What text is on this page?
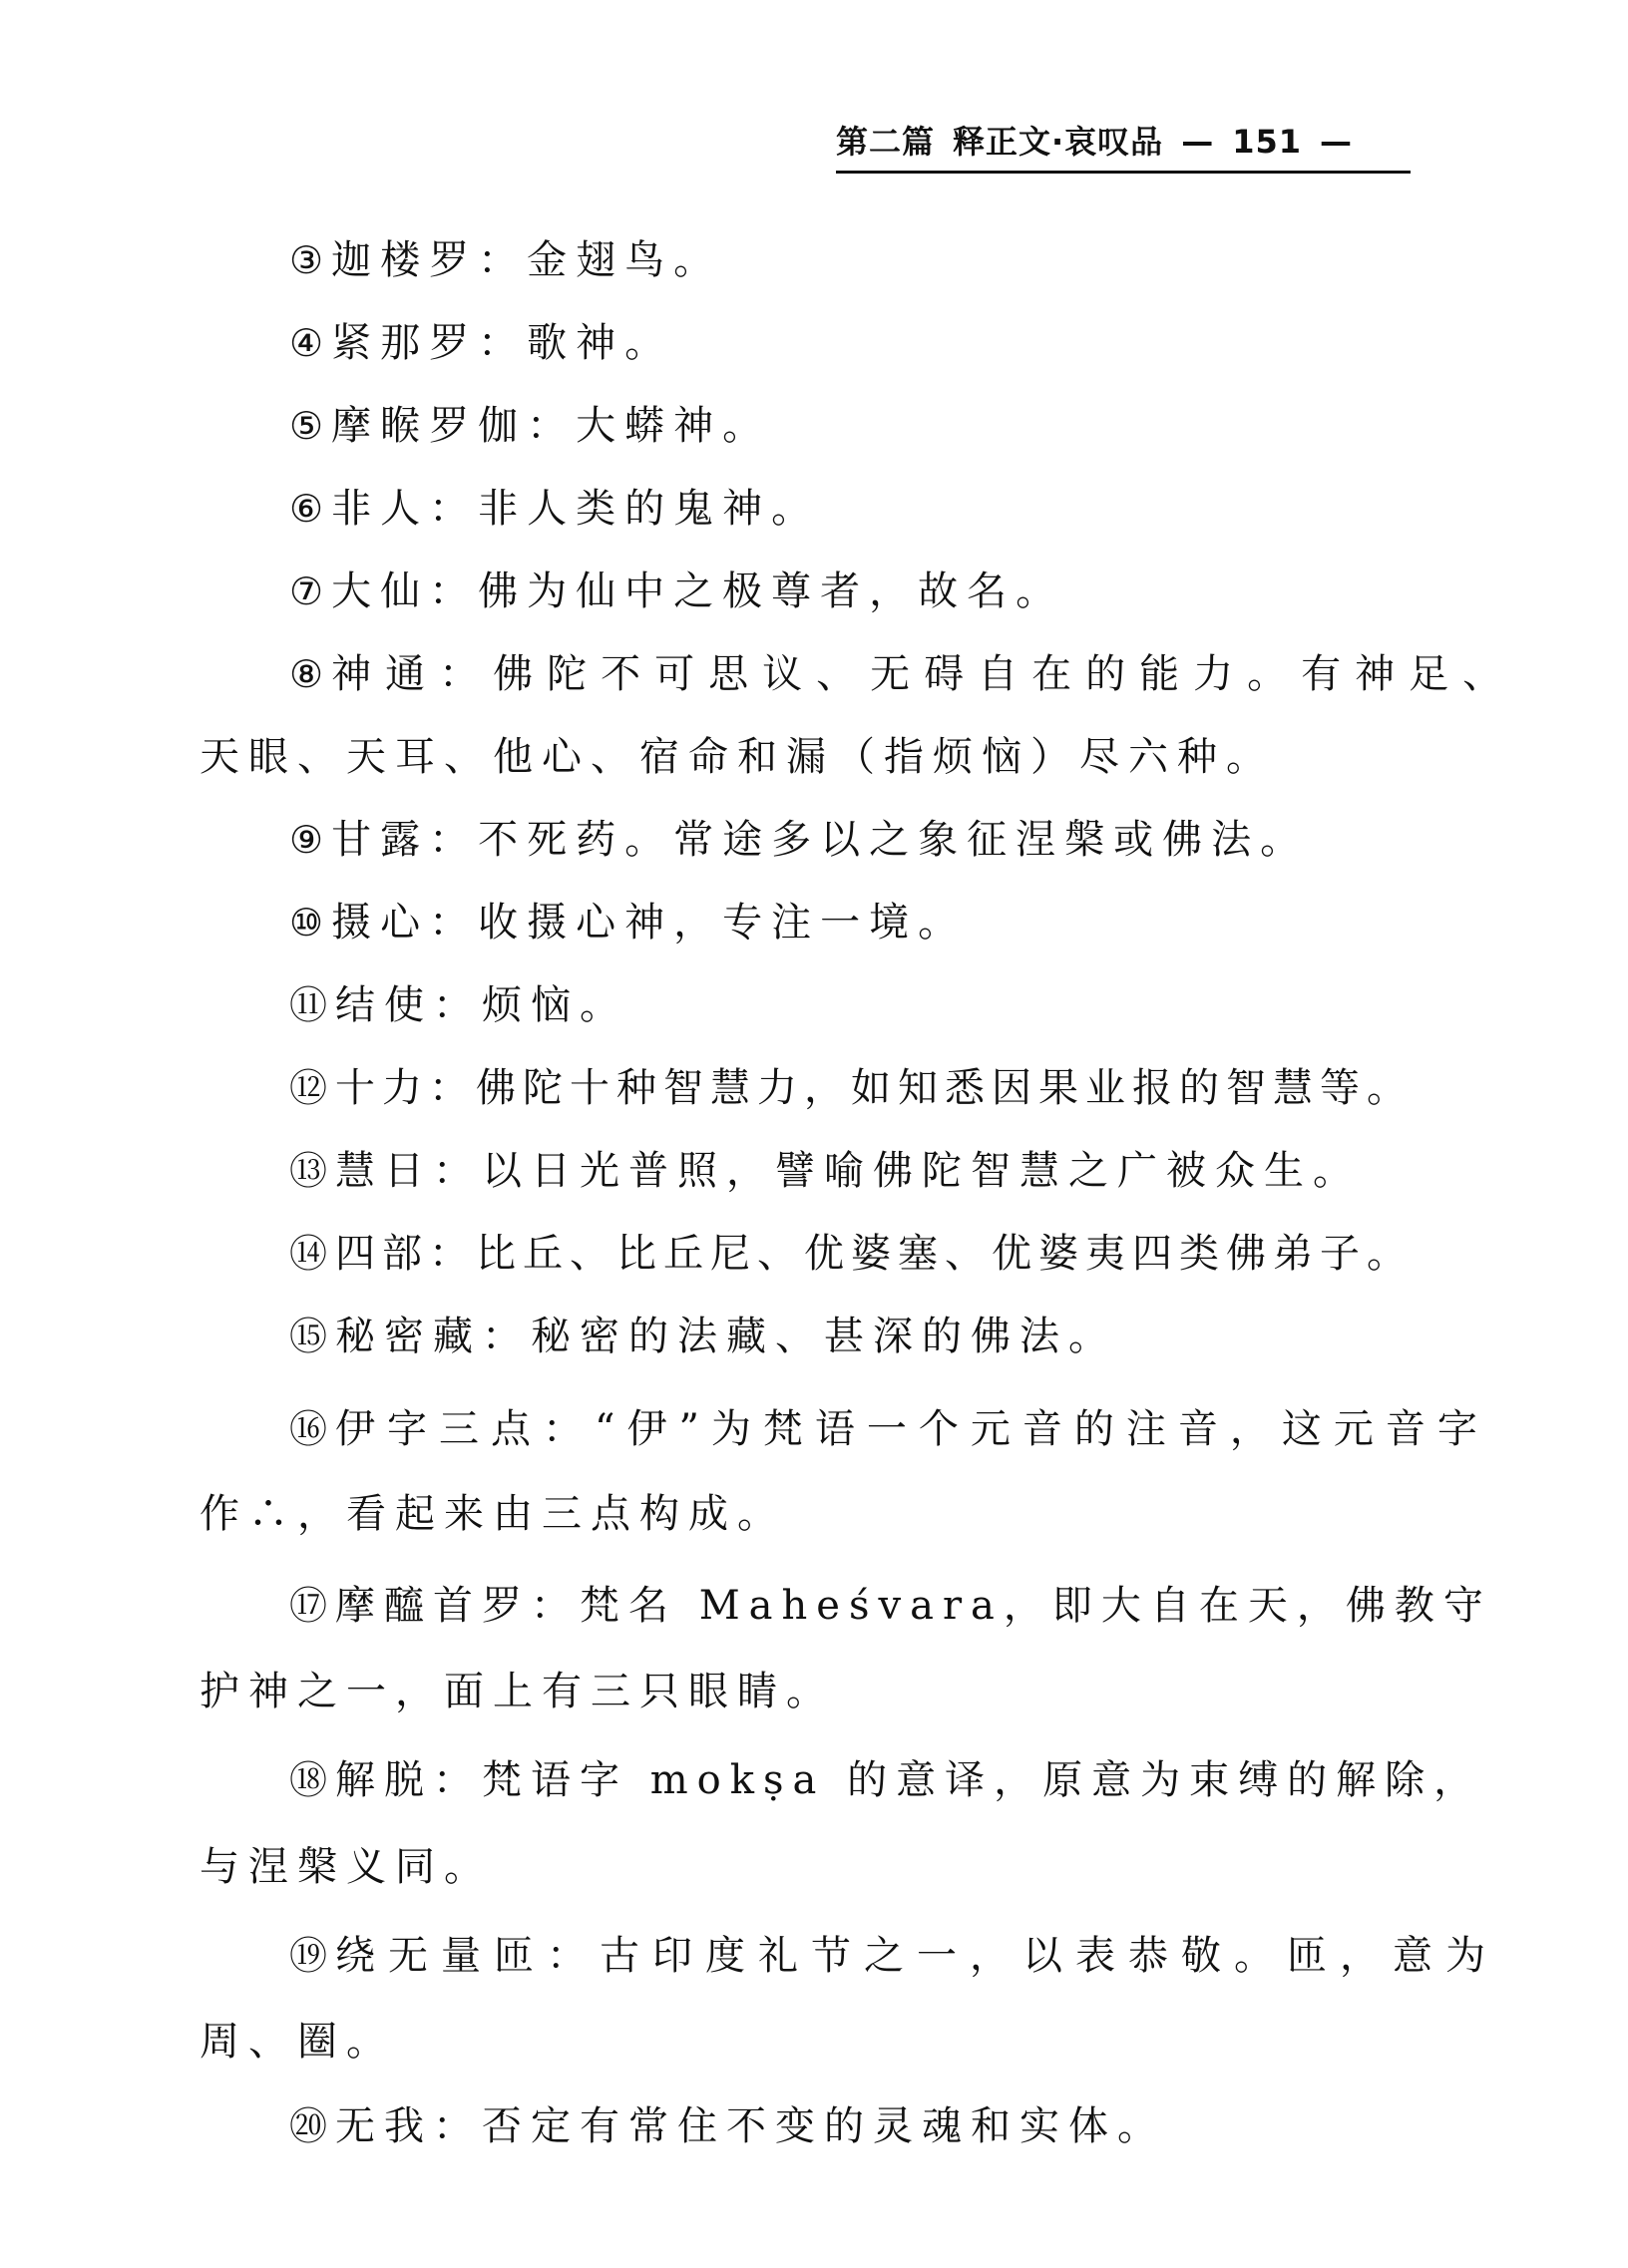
第二篇 释正文·哀叹品 — 151 —
③ 迦楼罗：金翅鸟。
④ 紧那罗：歌神。
⑤ 摩睺罗伽：大蟒神。
⑥ 非人：非人类的鬼神。
⑦ 大仙：佛为仙中之极尊者，故名。
⑧ 神通：佛陀不可思议、无碍自在的能力。有神足、
天眼、天耳、他心、宿命和漏（指烦恼）尽六种。
⑨ 甘露：不死药。常途多以之象征涅槃或佛法。
⑩ 摄心：收摄心神，专注一境。
⑪ 结使：烦恼。
⑫ 十力：佛陀十种智慧力，如知悉因果业报的智慧等。
⑬ 慧日：以日光普照，譬喻佛陀智慧之广被众生。
⑭ 四部：比丘、比丘尼、优婆塞、优婆夷四类佛弟子。
⑮ 秘密藏：秘密的法藏、甚深的佛法。
⑯ 伊字三点：“伊”为梵语一个元音的注音，这元音字
作∴，看起来由三点构成。
⑰ 摩醯首罗：梵名 Maheśvara，即大自在天，佛教守
护神之一，面上有三只眼睛。
⑱ 解脱：梵语字 mokṣa 的意译，原意为束缚的解除，
与涅槃义同。
⑲ 绕无量匝：古印度礼节之一，以表恭敬。匝，意为
周、圈。
⑳ 无我：否定有常住不变的灵魂和实体。
